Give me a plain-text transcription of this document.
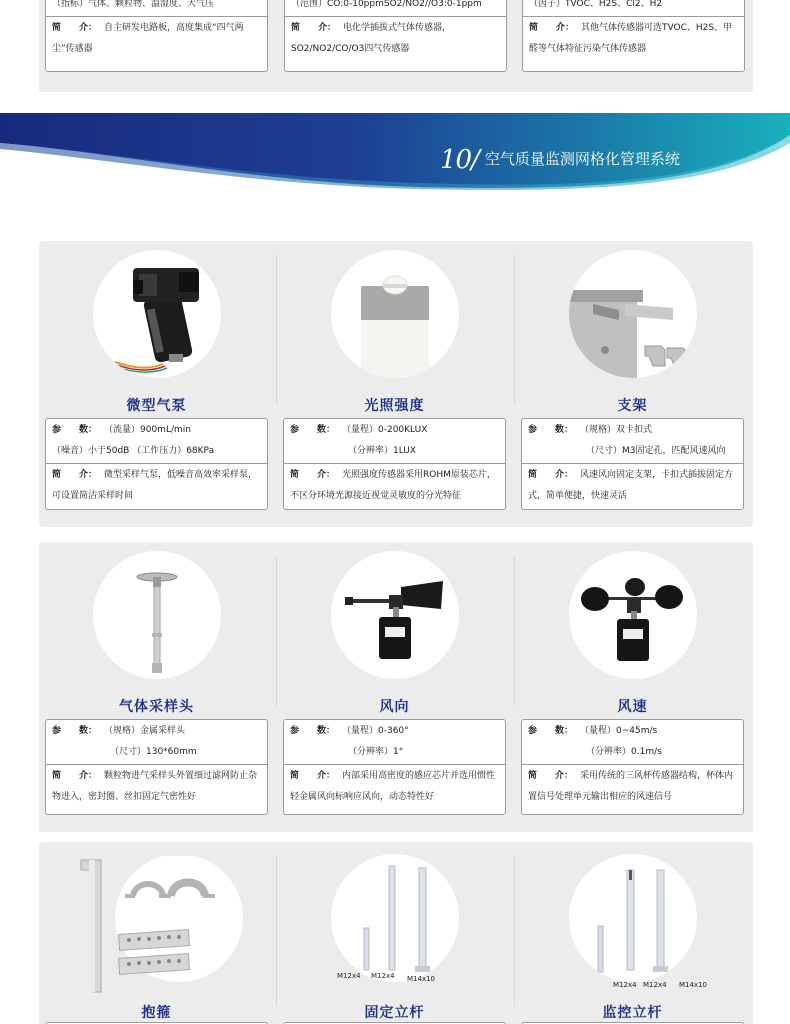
（指标）气体、颗粒物、温湿度、大气压
简　　介： 自主研发电路板，高度集成“四气两尘”传感器
（范围）CO:0-10ppmSO2/NO2//O3:0-1ppm
简　　介： 电化学插拔式气体传感器，SO2/NO2/CO/O3四气传感器
（因子）TVOC、H2S、Cl2、H2
简　　介： 其他气体传感器可选TVOC、H2S、甲醛等气体特征污染气体传感器
10/ 空气质量监测网格化管理系统
微型气泵
参　　数： （流量）900mL/min
（噪音）小于50dB （工作压力）68KPa
简　　介： 微型采样气泵，低噪音高效率采样泵，可设置简洁采样时间
光照强度
参　　数： （量程）0-200KLUX
（分辨率）1LUX
简　　介： 光照强度传感器采用ROHM原装芯片，不区分环境光源接近视觉灵敏度的分光特征
支架
参　　数： （规格）双卡扣式
（尺寸）M3固定孔，匹配风速风向
简　　介： 风速风向固定支架，卡扣式插拔固定方式，简单便捷，快速灵活
气体采样头
参　　数： （规格）金属采样头
（尺寸）130*60mm
简　　介： 颗粒物进气采样头外置细过滤网防止杂物进入，密封圈、丝扣固定气密性好
风向
参　　数： （量程）0-360°
（分辨率）1°
简　　介： 内部采用高密度的感应芯片并选用惯性轻金属风向标响应风向，动态特性好
风速
参　　数： （量程）0~45m/s
（分辨率）0.1m/s
简　　介： 采用传统的三风杯传感器结构，杯体内置信号处理单元输出相应的风速信号
抱箍
M12x4 M12x4 M14x10
固定立杆
M12x4 M12x4 M14x10
监控立杆
